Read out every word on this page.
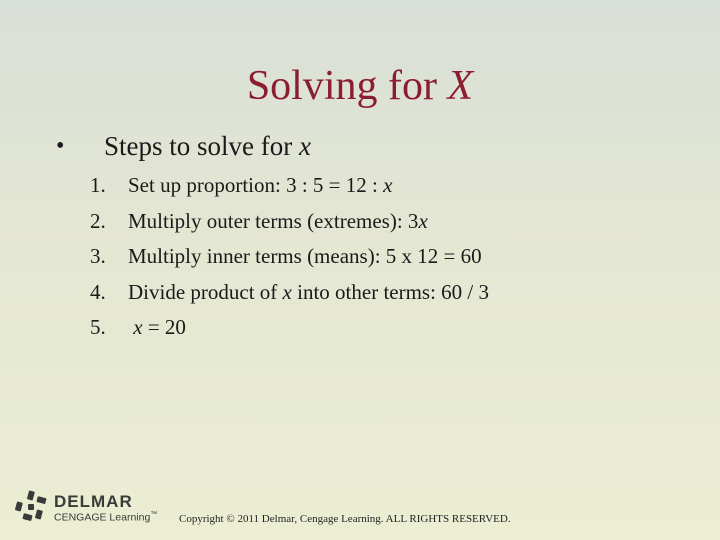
Solving for X
• Steps to solve for x
1. Set up proportion: 3 : 5 = 12 : x
2. Multiply outer terms (extremes): 3x
3. Multiply inner terms (means): 5 x 12 = 60
4. Divide product of x into other terms: 60 / 3
5. x = 20
DELMAR
CENGAGE Learning™ Copyright © 2011 Delmar, Cengage Learning. ALL RIGHTS RESERVED.
